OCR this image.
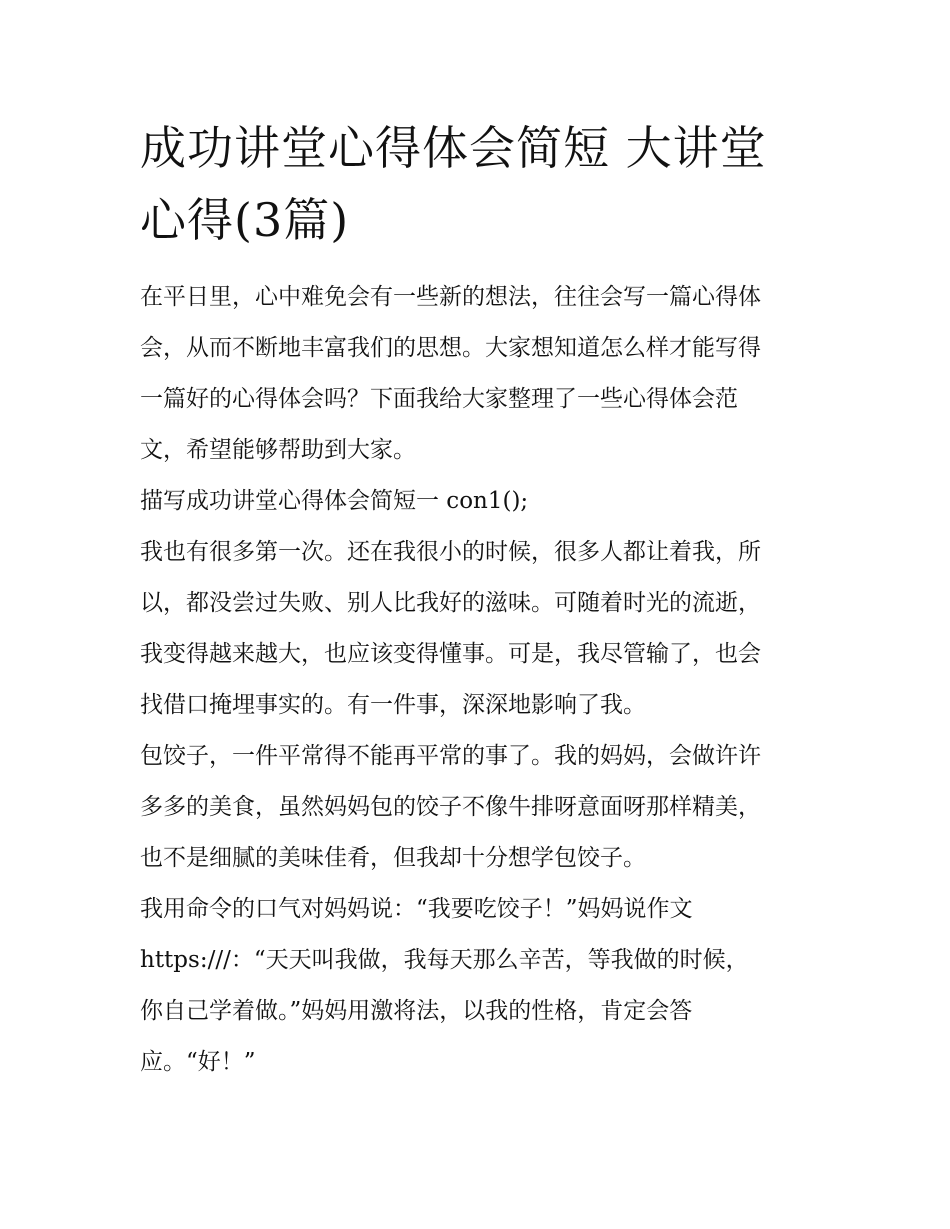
成功讲堂心得体会简短 大讲堂
心得(3篇)

在平日里，心中难免会有一些新的想法，往往会写一篇心得体
会，从而不断地丰富我们的思想。大家想知道怎么样才能写得
一篇好的心得体会吗？下面我给大家整理了一些心得体会范
文，希望能够帮助到大家。

描写成功讲堂心得体会简短一 con1();

我也有很多第一次。还在我很小的时候，很多人都让着我，所
以，都没尝过失败、别人比我好的滋味。可随着时光的流逝，
我变得越来越大，也应该变得懂事。可是，我尽管输了，也会
找借口掩埋事实的。有一件事，深深地影响了我。

包饺子，一件平常得不能再平常的事了。我的妈妈，会做许许
多多的美食，虽然妈妈包的饺子不像牛排呀意面呀那样精美，
也不是细腻的美味佳肴，但我却十分想学包饺子。

我用命令的口气对妈妈说：“我要吃饺子！”妈妈说作文
https:///：“天天叫我做，我每天那么辛苦，等我做的时候，
你自己学着做。”妈妈用激将法，以我的性格，肯定会答
应。“好！”
